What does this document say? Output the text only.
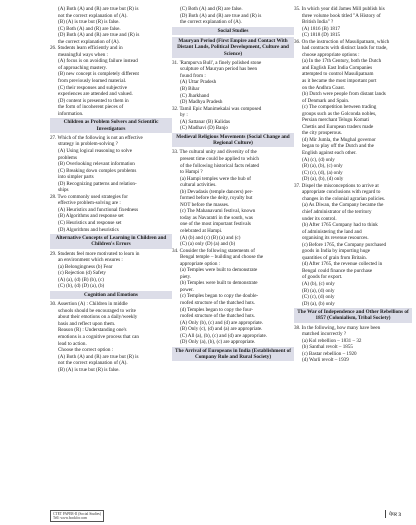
(A) Both (A) and (R) are true but (R) is
not the correct explanation of (A).
(B) (A) is true but (R) is false.
(C) Both (A) and (R) are false.
(D) Both (A) and (R) are true and (R) is
the correct explanation of (A).
26. Students learn efficiently and in
meaningful ways when :
(A) focus is on avoiding failure instead
of approaching mastery.
(B) new concept is completely different
from previously learned material.
(C) their responses and subjective
experiences are attended and valued.
(D) content is presented to them in
the form of incoherent pieces of
information.
Children as Problem Solvers and Scientific Investigators
27. Which of the following is not an effective
strategy in problem-solving ?
(A) Using logical reasoning to solve
problems
(B) Overlooking relevant information
(C) Breaking down complex problems
into simpler parts
(D) Recognizing patterns and relation-
ships
28. Two commonly used strategies for
effective problem-solving are :
(A) Heuristics and functional fixedness
(B) Algorithms and response set
(C) Heuristics and response set
(D) Algorithms and heuristics
Alternative Concepts of Learning in Children and Children's Errors
29. Students feel more motivated to learn in
an environment which ensures :
(a) Belongingness (b) Fear
(c) Rejection (d) Safety
(A) (a), (d) (B) (b), (c)
(C) (b), (d) (D) (a), (b)
Cognition and Emotions
30. Assertion (A) : Children in middle
schools should be encouraged to write
about their emotions on a daily/weekly
basis and reflect upon them.
Reason (R) : Understanding one's
emotions is a cognitive process that can
lead to action.
Choose the correct option :
(A) Both (A) and (R) are true but (R) is
not the correct explanation of (A).
(B) (A) is true but (R) is false.
(C) Both (A) and (R) are false.
(D) Both (A) and (R) are true and (R) is
the correct explanation of (A).
Social Studies
Mauryan Period (First Empire and Contact With Distant Lands, Political Development, Culture and Science)
31. 'Rampurva Bull', a finely polished stone
sculpture of Mauryan period has been
found from :
(A) Uttar Pradesh
(B) Bihar
(C) Jharkhand
(D) Madhya Pradesh
32. Tamil Epic Manimekalai was composed
by :
(A) Sattanar (B) Kalidas
(C) Madhavi (D) Banjo
Medieval Religious Movements (Social Change and Regional Culture)
33. The cultural unity and diversity of the
present time could be applied to which
of the following historical facts related
to Hampi ?
(a) Hampi temples were the hub of
cultural activities.
(b) Devadasis (temple dancers) per-
formed before the deity, royalty but
NOT before the masses.
(c) The Mahanavami festival, known
today as Navaratri in the south, was
one of the most important festivals
celebrated at Hampi.
(A) (b) and (c) (B) (a) and (c)
(C) (a) only (D) (a) and (b)
34. Consider the following statements of
Bengal temple – building and choose the
appropriate option :
(a) Temples were built to demonstrate
piety.
(b) Temples were built to demonstrate
power.
(c) Temples began to copy the double-
roofed structure of the thatched huts.
(d) Temples began to copy the four-
roofed structure of the thatched huts.
(A) Only (b), (c) and (d) are appropriate.
(B) Only (c), (d) and (a) are appropriate.
(C) All (a), (b), (c) and (d) are appropriate.
(D) Only (a), (b), (c) are appropriate.
The Arrival of Europeans in India (Establishment of Company Rule and Rural Society)
35. In which year did James Mill publish his
three volume book titled "A History of
British India" ?
(A) 1816 (B) 1817
(C) 1818 (D) 1815
36. On the instruction of Masulipatnam, which
had contracts with distinct lands for trade,
choose appropriate options :
(a) In the 17th Century, both the Dutch
and English East India Companies
attempted to control Masulipatnam
as it became the most important port
on the Andhra Coast.
(b) Dutch were people from distant lands
of Denmark and Spain.
(c) The competition between trading
groups such as the Golconda nobles,
Persian merchant Telugu Komati
Chettis and European traders made
the city prosperous.
(d) Mir Jumla, the Mughal governor
began to play off the Dutch and the
English against each other.
(A) (c), (d) only
(B) (a), (b), (c) only
(C) (c), (d), (a) only
(D) (a), (b), (d) only
37. Dispel the misconceptions to arrive at
appropriate conclusions with regard to
changes in the colonial agrarian policies.
(a) As Diwan, the Company became the
chief administrator of the territory
under its control.
(b) After 1765 Company had to think
of administering the land and
organising its revenue resources.
(c) Before 1765, the Company purchased
goods in India by importing huge
quantities of grain from Britain.
(d) After 1765, the revenue collected in
Bengal could finance the purchase
of goods for export.
(A) (b), (c) only
(B) (a), (d) only
(C) (c), (d) only
(D) (a), (b) only
The War of Independence and Other Rebellions of 1857 (Colonialism, Tribal Society)
38. In the following, how many have been
matched incorrectly ?
(a) Kol rebellion – 1831 – 32
(b) Santhal revolt – 1855
(c) Bastar rebellion – 1920
(d) Warli revolt – 1939
CTET PAPER-II (Social Studies)
Tell: www.bookfor.com	पेपर 3
